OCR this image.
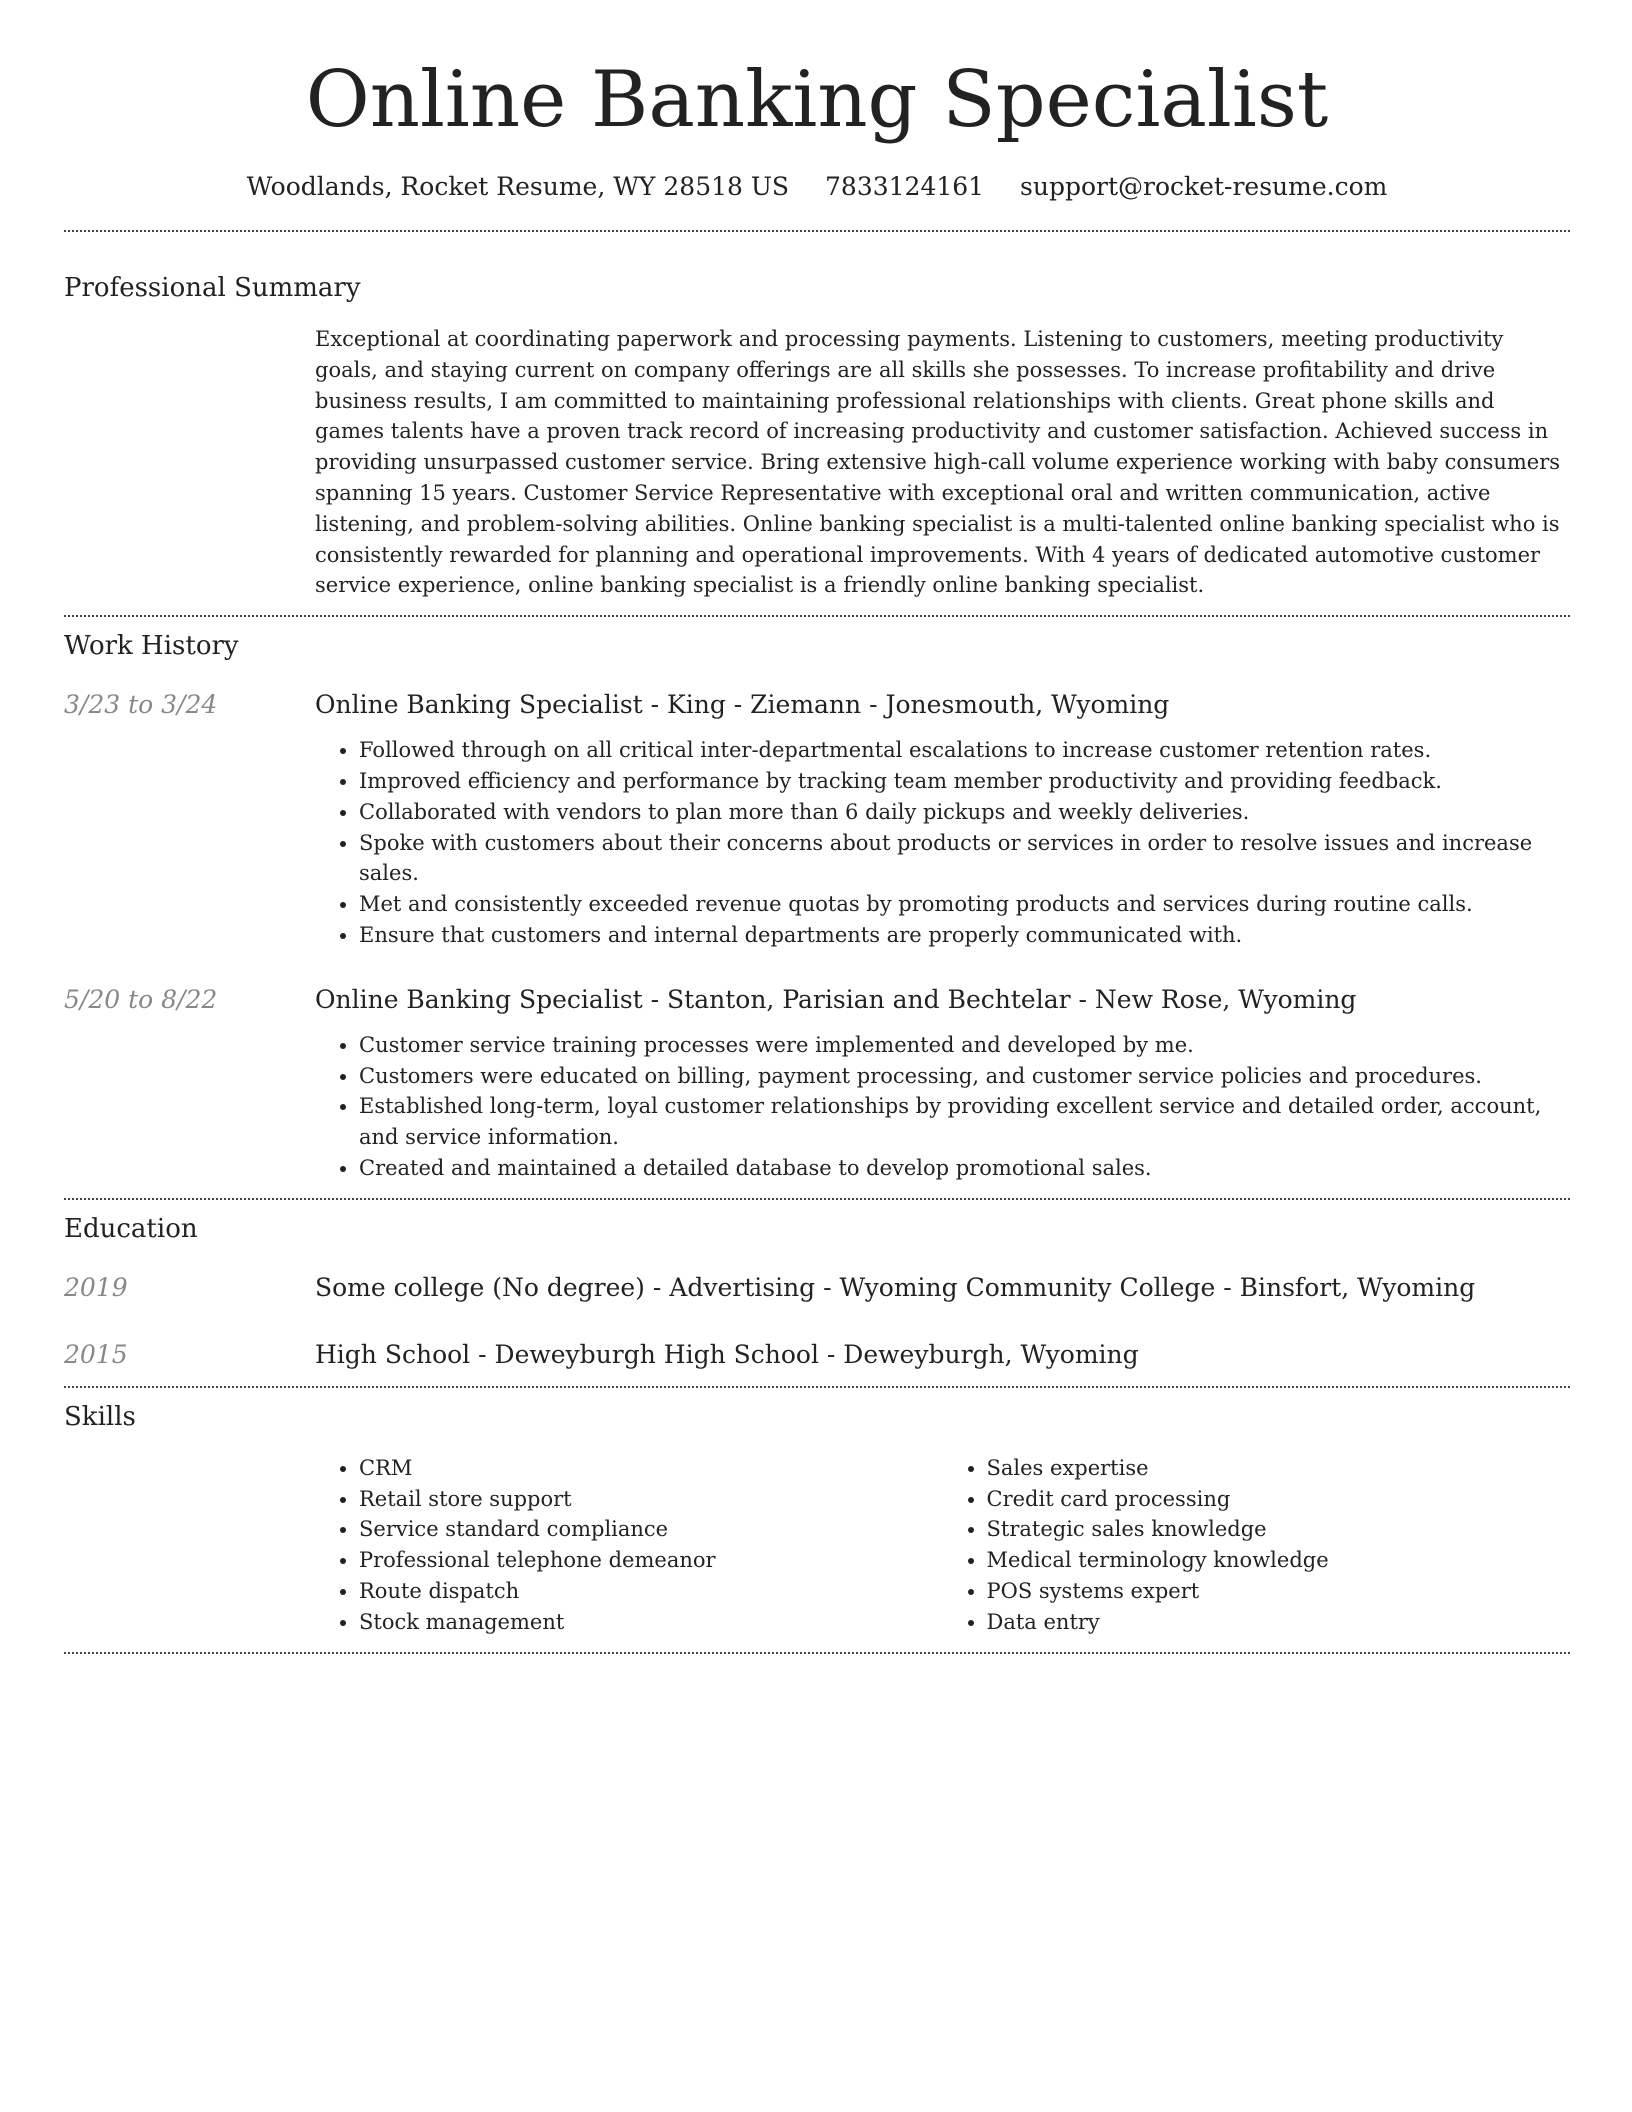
Online Banking Specialist
Woodlands, Rocket Resume, WY 28518 US 7833124161 support@rocket-resume.com
Professional Summary
Exceptional at coordinating paperwork and processing payments. Listening to customers, meeting productivity goals, and staying current on company offerings are all skills she possesses. To increase profitability and drive business results, I am committed to maintaining professional relationships with clients. Great phone skills and games talents have a proven track record of increasing productivity and customer satisfaction. Achieved success in providing unsurpassed customer service. Bring extensive high-call volume experience working with baby consumers spanning 15 years. Customer Service Representative with exceptional oral and written communication, active listening, and problem-solving abilities. Online banking specialist is a multi-talented online banking specialist who is consistently rewarded for planning and operational improvements. With 4 years of dedicated automotive customer service experience, online banking specialist is a friendly online banking specialist.
Work History
3/23 to 3/24	Online Banking Specialist - King - Ziemann - Jonesmouth, Wyoming
• Followed through on all critical inter-departmental escalations to increase customer retention rates.
• Improved efficiency and performance by tracking team member productivity and providing feedback.
• Collaborated with vendors to plan more than 6 daily pickups and weekly deliveries.
• Spoke with customers about their concerns about products or services in order to resolve issues and increase sales.
• Met and consistently exceeded revenue quotas by promoting products and services during routine calls.
• Ensure that customers and internal departments are properly communicated with.
5/20 to 8/22	Online Banking Specialist - Stanton, Parisian and Bechtelar - New Rose, Wyoming
• Customer service training processes were implemented and developed by me.
• Customers were educated on billing, payment processing, and customer service policies and procedures.
• Established long-term, loyal customer relationships by providing excellent service and detailed order, account, and service information.
• Created and maintained a detailed database to develop promotional sales.
Education
2019	Some college (No degree) - Advertising - Wyoming Community College - Binsfort, Wyoming
2015	High School - Deweyburgh High School - Deweyburgh, Wyoming
Skills
• CRM
• Retail store support
• Service standard compliance
• Professional telephone demeanor
• Route dispatch
• Stock management
• Sales expertise
• Credit card processing
• Strategic sales knowledge
• Medical terminology knowledge
• POS systems expert
• Data entry
